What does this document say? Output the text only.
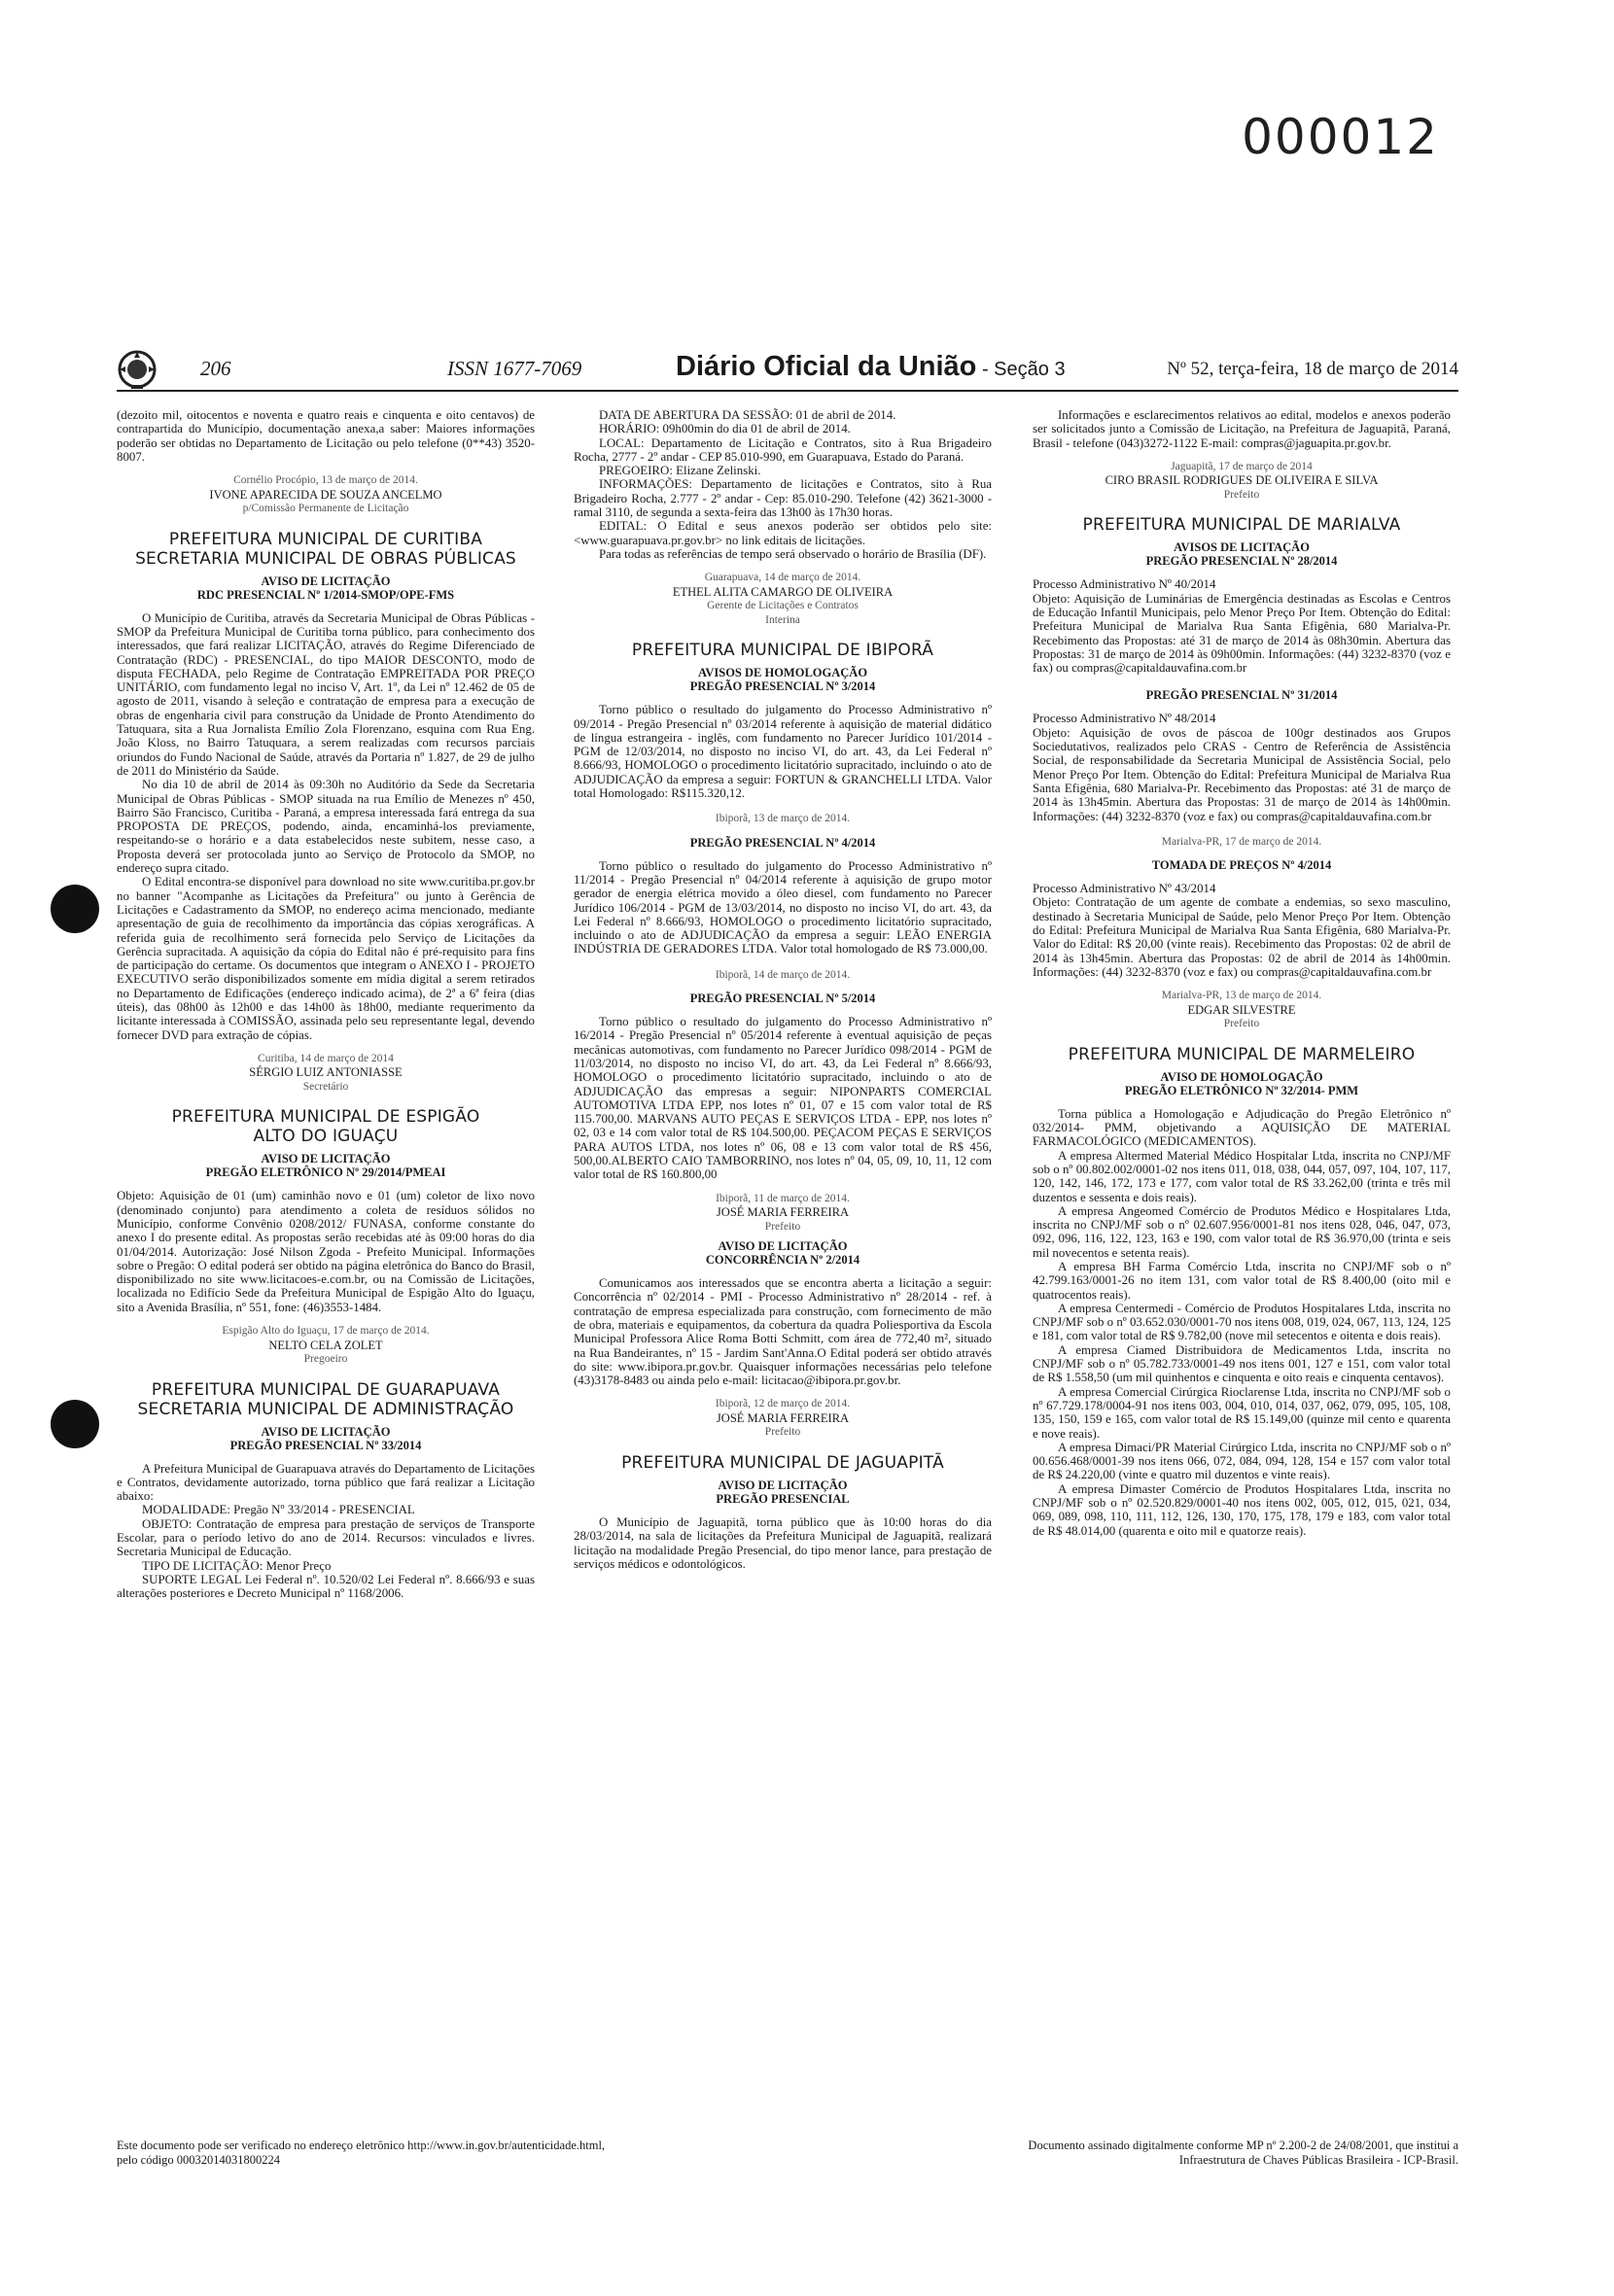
000012
206	ISSN 1677-7069	Diário Oficial da União - Seção 3	Nº 52, terça-feira, 18 de março de 2014

(dezoito mil, oitocentos e noventa e quatro reais e cinquenta e oito centavos) de contrapartida do Município, documentação anexa,a saber: Maiores informações poderão ser obtidas no Departamento de Licitação ou pelo telefone (0**43) 3520-8007.

Cornélio Procópio, 13 de março de 2014.
IVONE APARECIDA DE SOUZA ANCELMO
p/Comissão Permanente de Licitação
PREFEITURA MUNICIPAL DE CURITIBA
SECRETARIA MUNICIPAL DE OBRAS PÚBLICAS
AVISO DE LICITAÇÃO
RDC PRESENCIAL Nº 1/2014-SMOP/OPE-FMS

O Município de Curitiba, através da Secretaria Municipal de Obras Públicas - SMOP da Prefeitura Municipal de Curitiba torna público, para conhecimento dos interessados, que fará realizar LICITAÇÃO, através do Regime Diferenciado de Contratação (RDC) - PRESENCIAL, do tipo MAIOR DESCONTO, modo de disputa FECHADA, pelo Regime de Contratação EMPREITADA POR PREÇO UNITÁRIO, com fundamento legal no inciso V, Art. 1º, da Lei nº 12.462 de 05 de agosto de 2011, visando à seleção e contratação de empresa para a execução de obras de engenharia civil para construção da Unidade de Pronto Atendimento do Tatuquara, sita a Rua Jornalista Emílio Zola Florenzano, esquina com Rua Eng. João Kloss, no Bairro Tatuquara, a serem realizadas com recursos parciais oriundos do Fundo Nacional de Saúde, através da Portaria nº 1.827, de 29 de julho de 2011 do Ministério da Saúde.

No dia 10 de abril de 2014 às 09:30h no Auditório da Sede da Secretaria Municipal de Obras Públicas - SMOP situada na rua Emílio de Menezes nº 450, Bairro São Francisco, Curitiba - Paraná, a empresa interessada fará entrega da sua PROPOSTA DE PREÇOS, podendo, ainda, encaminhá-los previamente, respeitando-se o horário e a data estabelecidos neste subitem, nesse caso, a Proposta deverá ser protocolada junto ao Serviço de Protocolo da SMOP, no endereço supra citado.

O Edital encontra-se disponível para download no site www.curitiba.pr.gov.br no banner "Acompanhe as Licitações da Prefeitura" ou junto à Gerência de Licitações e Cadastramento da SMOP, no endereço acima mencionado, mediante apresentação de guia de recolhimento da importância das cópias xerográficas. A referida guia de recolhimento será fornecida pelo Serviço de Licitações da Gerência supracitada. A aquisição da cópia do Edital não é pré-requisito para fins de participação do certame. Os documentos que integram o ANEXO I - PROJETO EXECUTIVO serão disponibilizados somente em mídia digital a serem retirados no Departamento de Edificações (endereço indicado acima), de 2ª a 6ª feira (dias úteis), das 08h00 às 12h00 e das 14h00 às 18h00, mediante requerimento da licitante interessada à COMISSÃO, assinada pelo seu representante legal, devendo fornecer DVD para extração de cópias.

Curitiba, 14 de março de 2014
SÉRGIO LUIZ ANTONIASSE
Secretário
PREFEITURA MUNICIPAL DE ESPIGÃO
ALTO DO IGUAÇU
AVISO DE LICITAÇÃO
PREGÃO ELETRÔNICO Nº 29/2014/PMEAI

Objeto: Aquisição de 01 (um) caminhão novo e 01 (um) coletor de lixo novo (denominado conjunto) para atendimento a coleta de resíduos sólidos no Município, conforme Convênio 0208/2012/ FUNASA, conforme constante do anexo I do presente edital. As propostas serão recebidas até às 09:00 horas do dia 01/04/2014. Autorização: José Nilson Zgoda - Prefeito Municipal. Informações sobre o Pregão: O edital poderá ser obtido na página eletrônica do Banco do Brasil, disponibilizado no site www.licitacoes-e.com.br, ou na Comissão de Licitações, localizada no Edifício Sede da Prefeitura Municipal de Espigão Alto do Iguaçu, sito a Avenida Brasília, nº 551, fone: (46)3553-1484.

Espigão Alto do Iguaçu, 17 de março de 2014.
NELTO CELA ZOLET
Pregoeiro
PREFEITURA MUNICIPAL DE GUARAPUAVA
SECRETARIA MUNICIPAL DE ADMINISTRAÇÃO
AVISO DE LICITAÇÃO
PREGÃO PRESENCIAL Nº 33/2014

A Prefeitura Municipal de Guarapuava através do Departamento de Licitações e Contratos, devidamente autorizado, torna público que fará realizar a Licitação abaixo:

MODALIDADE: Pregão Nº 33/2014 - PRESENCIAL

OBJETO: Contratação de empresa para prestação de serviços de Transporte Escolar, para o período letivo do ano de 2014. Recursos: vinculados e livres. Secretaria Municipal de Educação.

TIPO DE LICITAÇÃO: Menor Preço

SUPORTE LEGAL Lei Federal nº. 10.520/02 Lei Federal nº. 8.666/93 e suas alterações posteriores e Decreto Municipal nº 1168/2006.

DATA DE ABERTURA DA SESSÃO: 01 de abril de 2014.

HORÁRIO: 09h00min do dia 01 de abril de 2014.

LOCAL: Departamento de Licitação e Contratos, sito à Rua Brigadeiro Rocha, 2777 - 2º andar - CEP 85.010-990, em Guarapuava, Estado do Paraná.

PREGOEIRO: Elizane Zelinski.

INFORMAÇÕES: Departamento de licitações e Contratos, sito à Rua Brigadeiro Rocha, 2.777 - 2º andar - Cep: 85.010-290. Telefone (42) 3621-3000 - ramal 3110, de segunda a sexta-feira das 13h00 às 17h30 horas.

EDITAL: O Edital e seus anexos poderão ser obtidos pelo site: <www.guarapuava.pr.gov.br> no link editais de licitações.

Para todas as referências de tempo será observado o horário de Brasília (DF).

Guarapuava, 14 de março de 2014.
ETHEL ALITA CAMARGO DE OLIVEIRA
Gerente de Licitações e Contratos
Interina
PREFEITURA MUNICIPAL DE IBIPORÃ
AVISOS DE HOMOLOGAÇÃO
PREGÃO PRESENCIAL Nº 3/2014

Torno público o resultado do julgamento do Processo Administrativo nº 09/2014 - Pregão Presencial nº 03/2014 referente à aquisição de material didático de língua estrangeira - inglês, com fundamento no Parecer Jurídico 101/2014 - PGM de 12/03/2014, no disposto no inciso VI, do art. 43, da Lei Federal nº 8.666/93, HOMOLOGO o procedimento licitatório supracitado, incluindo o ato de ADJUDICAÇÃO da empresa a seguir: FORTUN & GRANCHELLI LTDA. Valor total Homologado: R$115.320,12.

Ibiporã, 13 de março de 2014.
PREGÃO PRESENCIAL Nº 4/2014

Torno público o resultado do julgamento do Processo Administrativo nº 11/2014 - Pregão Presencial nº 04/2014 referente à aquisição de grupo motor gerador de energia elétrica movido a óleo diesel, com fundamento no Parecer Jurídico 106/2014 - PGM de 13/03/2014, no disposto no inciso VI, do art. 43, da Lei Federal nº 8.666/93, HOMOLOGO o procedimento licitatório supracitado, incluindo o ato de ADJUDICAÇÃO da empresa a seguir: LEÃO ENERGIA INDÚSTRIA DE GERADORES LTDA. Valor total homologado de R$ 73.000,00.

Ibiporã, 14 de março de 2014.
PREGÃO PRESENCIAL Nº 5/2014

Torno público o resultado do julgamento do Processo Administrativo nº 16/2014 - Pregão Presencial nº 05/2014 referente à eventual aquisição de peças mecânicas automotivas, com fundamento no Parecer Jurídico 098/2014 - PGM de 11/03/2014, no disposto no inciso VI, do art. 43, da Lei Federal nº 8.666/93, HOMOLOGO o procedimento licitatório supracitado, incluindo o ato de ADJUDICAÇÃO das empresas a seguir: NIPONPARTS COMERCIAL AUTOMOTIVA LTDA EPP, nos lotes nº 01, 07 e 15 com valor total de R$ 115.700,00. MARVANS AUTO PEÇAS E SERVIÇOS LTDA - EPP, nos lotes nº 02, 03 e 14 com valor total de R$ 104.500,00. PEÇACOM PEÇAS E SERVIÇOS PARA AUTOS LTDA, nos lotes nº 06, 08 e 13 com valor total de R$ 456, 500,00.ALBERTO CAIO TAMBORRINO, nos lotes nº 04, 05, 09, 10, 11, 12 com valor total de R$ 160.800,00

Ibiporã, 11 de março de 2014.
JOSÉ MARIA FERREIRA
Prefeito
AVISO DE LICITAÇÃO
CONCORRÊNCIA Nº 2/2014

Comunicamos aos interessados que se encontra aberta a licitação a seguir: Concorrência nº 02/2014 - PMI - Processo Administrativo nº 28/2014 - ref. à contratação de empresa especializada para construção, com fornecimento de mão de obra, materiais e equipamentos, da cobertura da quadra Poliesportiva da Escola Municipal Professora Alice Roma Botti Schmitt, com área de 772,40 m², situado na Rua Bandeirantes, nº 15 - Jardim Sant'Anna.O Edital poderá ser obtido através do site: www.ibipora.pr.gov.br. Quaisquer informações necessárias pelo telefone (43)3178-8483 ou ainda pelo e-mail: licitacao@ibipora.pr.gov.br.

Ibiporã, 12 de março de 2014.
JOSÉ MARIA FERREIRA
Prefeito
PREFEITURA MUNICIPAL DE JAGUAPITÃ
AVISO DE LICITAÇÃO
PREGÃO PRESENCIAL

O Município de Jaguapitã, torna público que às 10:00 horas do dia 28/03/2014, na sala de licitações da Prefeitura Municipal de Jaguapitã, realizará licitação na modalidade Pregão Presencial, do tipo menor lance, para prestação de serviços médicos e odontológicos.

Informações e esclarecimentos relativos ao edital, modelos e anexos poderão ser solicitados junto a Comissão de Licitação, na Prefeitura de Jaguapitã, Paraná, Brasil - telefone (043)3272-1122 E-mail: compras@jaguapita.pr.gov.br.

Jaguapitã, 17 de março de 2014
CIRO BRASIL RODRIGUES DE OLIVEIRA E SILVA
Prefeito
PREFEITURA MUNICIPAL DE MARIALVA
AVISOS DE LICITAÇÃO
PREGÃO PRESENCIAL Nº 28/2014

Processo Administrativo Nº 40/2014
Objeto: Aquisição de Luminárias de Emergência destinadas as Escolas e Centros de Educação Infantil Municipais, pelo Menor Preço Por Item. Obtenção do Edital: Prefeitura Municipal de Marialva Rua Santa Efigênia, 680 Marialva-Pr. Recebimento das Propostas: até 31 de março de 2014 às 08h30min. Abertura das Propostas: 31 de março de 2014 às 09h00min. Informações: (44) 3232-8370 (voz e fax) ou compras@capitaldauvafina.com.br

PREGÃO PRESENCIAL Nº 31/2014

Processo Administrativo Nº 48/2014
Objeto: Aquisição de ovos de páscoa de 100gr destinados aos Grupos Sociedutativos, realizados pelo CRAS - Centro de Referência de Assistência Social, de responsabilidade da Secretaria Municipal de Assistência Social, pelo Menor Preço Por Item. Obtenção do Edital: Prefeitura Municipal de Marialva Rua Santa Efigênia, 680 Marialva-Pr. Recebimento das Propostas: até 31 de março de 2014 às 13h45min. Abertura das Propostas: 31 de março de 2014 às 14h00min. Informações: (44) 3232-8370 (voz e fax) ou compras@capitaldauvafina.com.br

Marialva-PR, 17 de março de 2014.
TOMADA DE PREÇOS Nº 4/2014

Processo Administrativo Nº 43/2014
Objeto: Contratação de um agente de combate a endemias, so sexo masculino, destinado à Secretaria Municipal de Saúde, pelo Menor Preço Por Item. Obtenção do Edital: Prefeitura Municipal de Marialva Rua Santa Efigênia, 680 Marialva-Pr. Valor do Edital: R$ 20,00 (vinte reais). Recebimento das Propostas: 02 de abril de 2014 às 13h45min. Abertura das Propostas: 02 de abril de 2014 às 14h00min. Informações: (44) 3232-8370 (voz e fax) ou compras@capitaldauvafina.com.br

Marialva-PR, 13 de março de 2014.
EDGAR SILVESTRE
Prefeito
PREFEITURA MUNICIPAL DE MARMELEIRO
AVISO DE HOMOLOGAÇÃO
PREGÃO ELETRÔNICO Nº 32/2014- PMM

Torna pública a Homologação e Adjudicação do Pregão Eletrônico nº 032/2014- PMM, objetivando a AQUISIÇÃO DE MATERIAL FARMACOLÓGICO (MEDICAMENTOS).

A empresa Altermed Material Médico Hospitalar Ltda, inscrita no CNPJ/MF sob o nº 00.802.002/0001-02 nos itens 011, 018, 038, 044, 057, 097, 104, 107, 117, 120, 142, 146, 172, 173 e 177, com valor total de R$ 33.262,00 (trinta e três mil duzentos e sessenta e dois reais).

A empresa Angeomed Comércio de Produtos Médico e Hospitalares Ltda, inscrita no CNPJ/MF sob o nº 02.607.956/0001-81 nos itens 028, 046, 047, 073, 092, 096, 116, 122, 123, 163 e 190, com valor total de R$ 36.970,00 (trinta e seis mil novecentos e setenta reais).

A empresa BH Farma Comércio Ltda, inscrita no CNPJ/MF sob o nº 42.799.163/0001-26 no item 131, com valor total de R$ 8.400,00 (oito mil e quatrocentos reais).

A empresa Centermedi - Comércio de Produtos Hospitalares Ltda, inscrita no CNPJ/MF sob o nº 03.652.030/0001-70 nos itens 008, 019, 024, 067, 113, 124, 125 e 181, com valor total de R$ 9.782,00 (nove mil setecentos e oitenta e dois reais).

A empresa Ciamed Distribuidora de Medicamentos Ltda, inscrita no CNPJ/MF sob o nº 05.782.733/0001-49 nos itens 001, 127 e 151, com valor total de R$ 1.558,50 (um mil quinhentos e cinquenta e oito reais e cinquenta centavos).

A empresa Comercial Cirúrgica Rioclarense Ltda, inscrita no CNPJ/MF sob o nº 67.729.178/0004-91 nos itens 003, 004, 010, 014, 037, 062, 079, 095, 105, 108, 135, 150, 159 e 165, com valor total de R$ 15.149,00 (quinze mil cento e quarenta e nove reais).

A empresa Dimaci/PR Material Cirúrgico Ltda, inscrita no CNPJ/MF sob o nº 00.656.468/0001-39 nos itens 066, 072, 084, 094, 128, 154 e 157 com valor total de R$ 24.220,00 (vinte e quatro mil duzentos e vinte reais).

A empresa Dimaster Comércio de Produtos Hospitalares Ltda, inscrita no CNPJ/MF sob o nº 02.520.829/0001-40 nos itens 002, 005, 012, 015, 021, 034, 069, 089, 098, 110, 111, 112, 126, 130, 170, 175, 178, 179 e 183, com valor total de R$ 48.014,00 (quarenta e oito mil e quatorze reais).

Este documento pode ser verificado no endereço eletrônico http://www.in.gov.br/autenticidade.html,
pelo código 00032014031800224
Documento assinado digitalmente conforme MP nº 2.200-2 de 24/08/2001, que institui a
Infraestrutura de Chaves Públicas Brasileira - ICP-Brasil.
